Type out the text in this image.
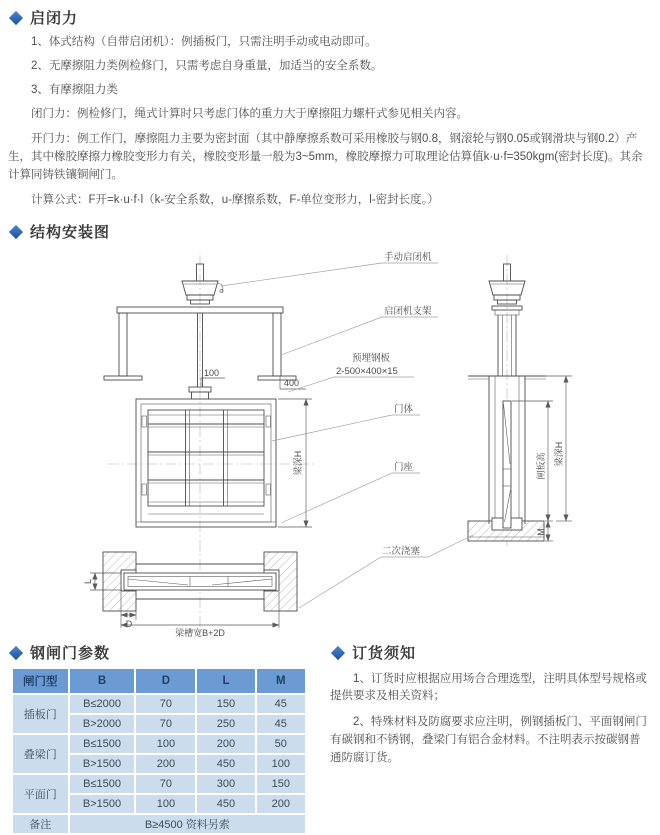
启闭力

1、体式结构（自带启闭机）：例插板门，只需注明手动或电动即可。

2、无摩擦阻力类例检修门，只需考虑自身重量，加适当的安全系数。

3、有摩擦阻力类

闭门力：例检修门，绳式计算时只考虑门体的重力大于摩擦阻力螺杆式参见相关内容。

开门力：例工作门，摩擦阻力主要为密封面（其中静摩擦系数可采用橡胶与钢0.8，钢滚轮与钢0.05或钢滑块与钢0.2）产生，其中橡胶摩擦力橡胶变形力有关，橡胶变形量一般为3~5mm，橡胶摩擦力可取理论估算值k·u·f=350kgm(密封长度)。其余计算同铸铁镶铜闸门。

计算公式：F开=k·u·f·l（k-安全系数，u-摩擦系数，F-单位变形力，l-密封长度。）

结构安装图
100
400
梁深H
L
D
梁槽宽B+2D
闸板高 梁深H
M
手动启闭机
启闭机支架
预埋钢板
2-500×400×15
门体
门座
二次浇塞
钢闸门参数
闸门型	B	D	L	M
插板门	B≤2000	70	150	45
	B>2000	70	250	45
叠梁门	B≤1500	100	200	50
	B>1500	200	450	100
平面门	B≤1500	70	300	150
	B>1500	100	450	200
备注	B≥4500 资料另索			
订货须知

1、订货时应根据应用场合合理选型，注明具体型号规格或提供要求及相关资料；

2、特殊材料及防腐要求应注明，例钢插板门、平面钢闸门有碳钢和不锈钢，叠梁门有铝合金材料。不注明表示按碳钢普通防腐订货。
